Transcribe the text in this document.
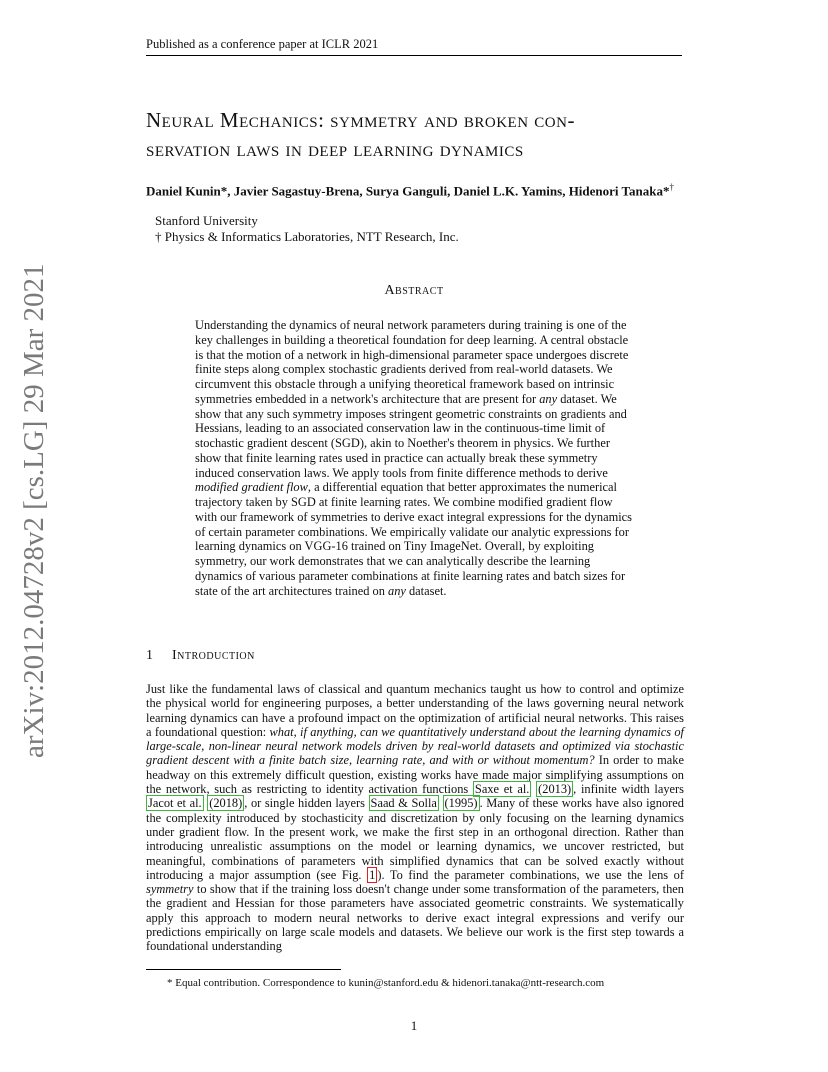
Published as a conference paper at ICLR 2021
arXiv:2012.04728v2 [cs.LG] 29 Mar 2021
Neural Mechanics: symmetry and broken con-
servation laws in deep learning dynamics
Daniel Kunin*, Javier Sagastuy-Brena, Surya Ganguli, Daniel L.K. Yamins, Hidenori Tanaka*†
Stanford University
† Physics & Informatics Laboratories, NTT Research, Inc.
Abstract
Understanding the dynamics of neural network parameters during training is one of the key challenges in building a theoretical foundation for deep learning. A central obstacle is that the motion of a network in high-dimensional parameter space undergoes discrete finite steps along complex stochastic gradients derived from real-world datasets. We circumvent this obstacle through a unifying theoretical framework based on intrinsic symmetries embedded in a network's architecture that are present for any dataset. We show that any such symmetry imposes stringent geometric constraints on gradients and Hessians, leading to an associated conservation law in the continuous-time limit of stochastic gradient descent (SGD), akin to Noether's theorem in physics. We further show that finite learning rates used in practice can actually break these symmetry induced conservation laws. We apply tools from finite difference methods to derive modified gradient flow, a differential equation that better approximates the numerical trajectory taken by SGD at finite learning rates. We combine modified gradient flow with our framework of symmetries to derive exact integral expressions for the dynamics of certain parameter combinations. We empirically validate our analytic expressions for learning dynamics on VGG-16 trained on Tiny ImageNet. Overall, by exploiting symmetry, our work demonstrates that we can analytically describe the learning dynamics of various parameter combinations at finite learning rates and batch sizes for state of the art architectures trained on any dataset.
1 Introduction
Just like the fundamental laws of classical and quantum mechanics taught us how to control and optimize the physical world for engineering purposes, a better understanding of the laws governing neural network learning dynamics can have a profound impact on the optimization of artificial neural networks. This raises a foundational question: what, if anything, can we quantitatively understand about the learning dynamics of large-scale, non-linear neural network models driven by real-world datasets and optimized via stochastic gradient descent with a finite batch size, learning rate, and with or without momentum? In order to make headway on this extremely difficult question, existing works have made major simplifying assumptions on the network, such as restricting to identity activation functions Saxe et al. (2013) , infinite width layers Jacot et al. (2018) , or single hidden layers Saad & Solla (1995) . Many of these works have also ignored the complexity introduced by stochasticity and discretization by only focusing on the learning dynamics under gradient flow. In the present work, we make the first step in an orthogonal direction. Rather than introducing unrealistic assumptions on the model or learning dynamics, we uncover restricted, but meaningful, combinations of parameters with simplified dynamics that can be solved exactly without introducing a major assumption (see Fig. 1 ). To find the parameter combinations, we use the lens of symmetry to show that if the training loss doesn't change under some transformation of the parameters, then the gradient and Hessian for those parameters have associated geometric constraints. We systematically apply this approach to modern neural networks to derive exact integral expressions and verify our predictions empirically on large scale models and datasets. We believe our work is the first step towards a foundational understanding
* Equal contribution. Correspondence to kunin@stanford.edu & hidenori.tanaka@ntt-research.com
1
